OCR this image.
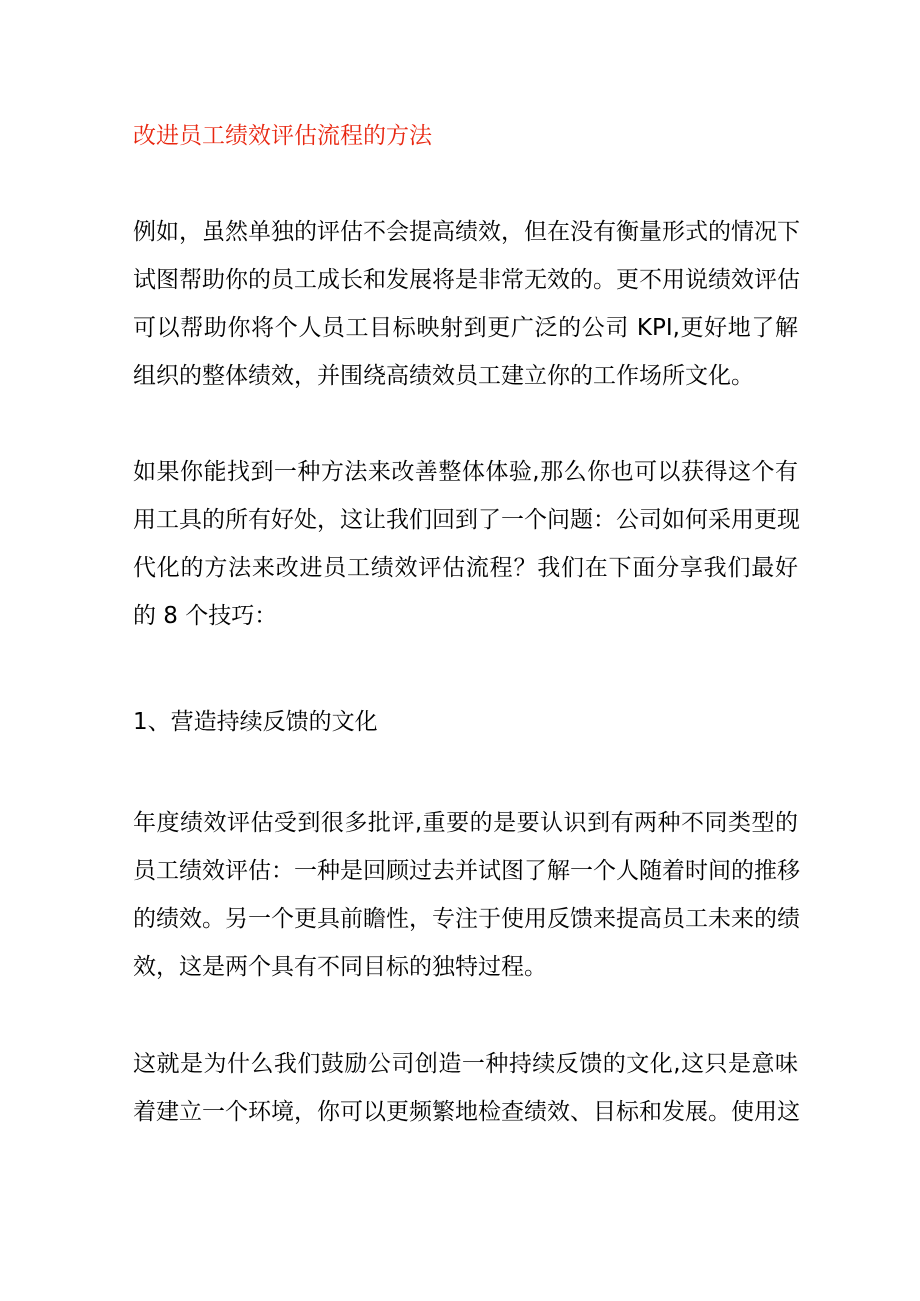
改进员工绩效评估流程的方法
例如，虽然单独的评估不会提高绩效，但在没有衡量形式的情况下
试图帮助你的员工成长和发展将是非常无效的。更不用说绩效评估
可以帮助你将个人员工目标映射到更广泛的公司 KPI,更好地了解
组织的整体绩效，并围绕高绩效员工建立你的工作场所文化。
如果你能找到一种方法来改善整体体验,那么你也可以获得这个有
用工具的所有好处，这让我们回到了一个问题：公司如何采用更现
代化的方法来改进员工绩效评估流程？我们在下面分享我们最好
的 8 个技巧：
1、营造持续反馈的文化
年度绩效评估受到很多批评,重要的是要认识到有两种不同类型的
员工绩效评估：一种是回顾过去并试图了解一个人随着时间的推移
的绩效。另一个更具前瞻性，专注于使用反馈来提高员工未来的绩
效，这是两个具有不同目标的独特过程。
这就是为什么我们鼓励公司创造一种持续反馈的文化,这只是意味
着建立一个环境，你可以更频繁地检查绩效、目标和发展。使用这
